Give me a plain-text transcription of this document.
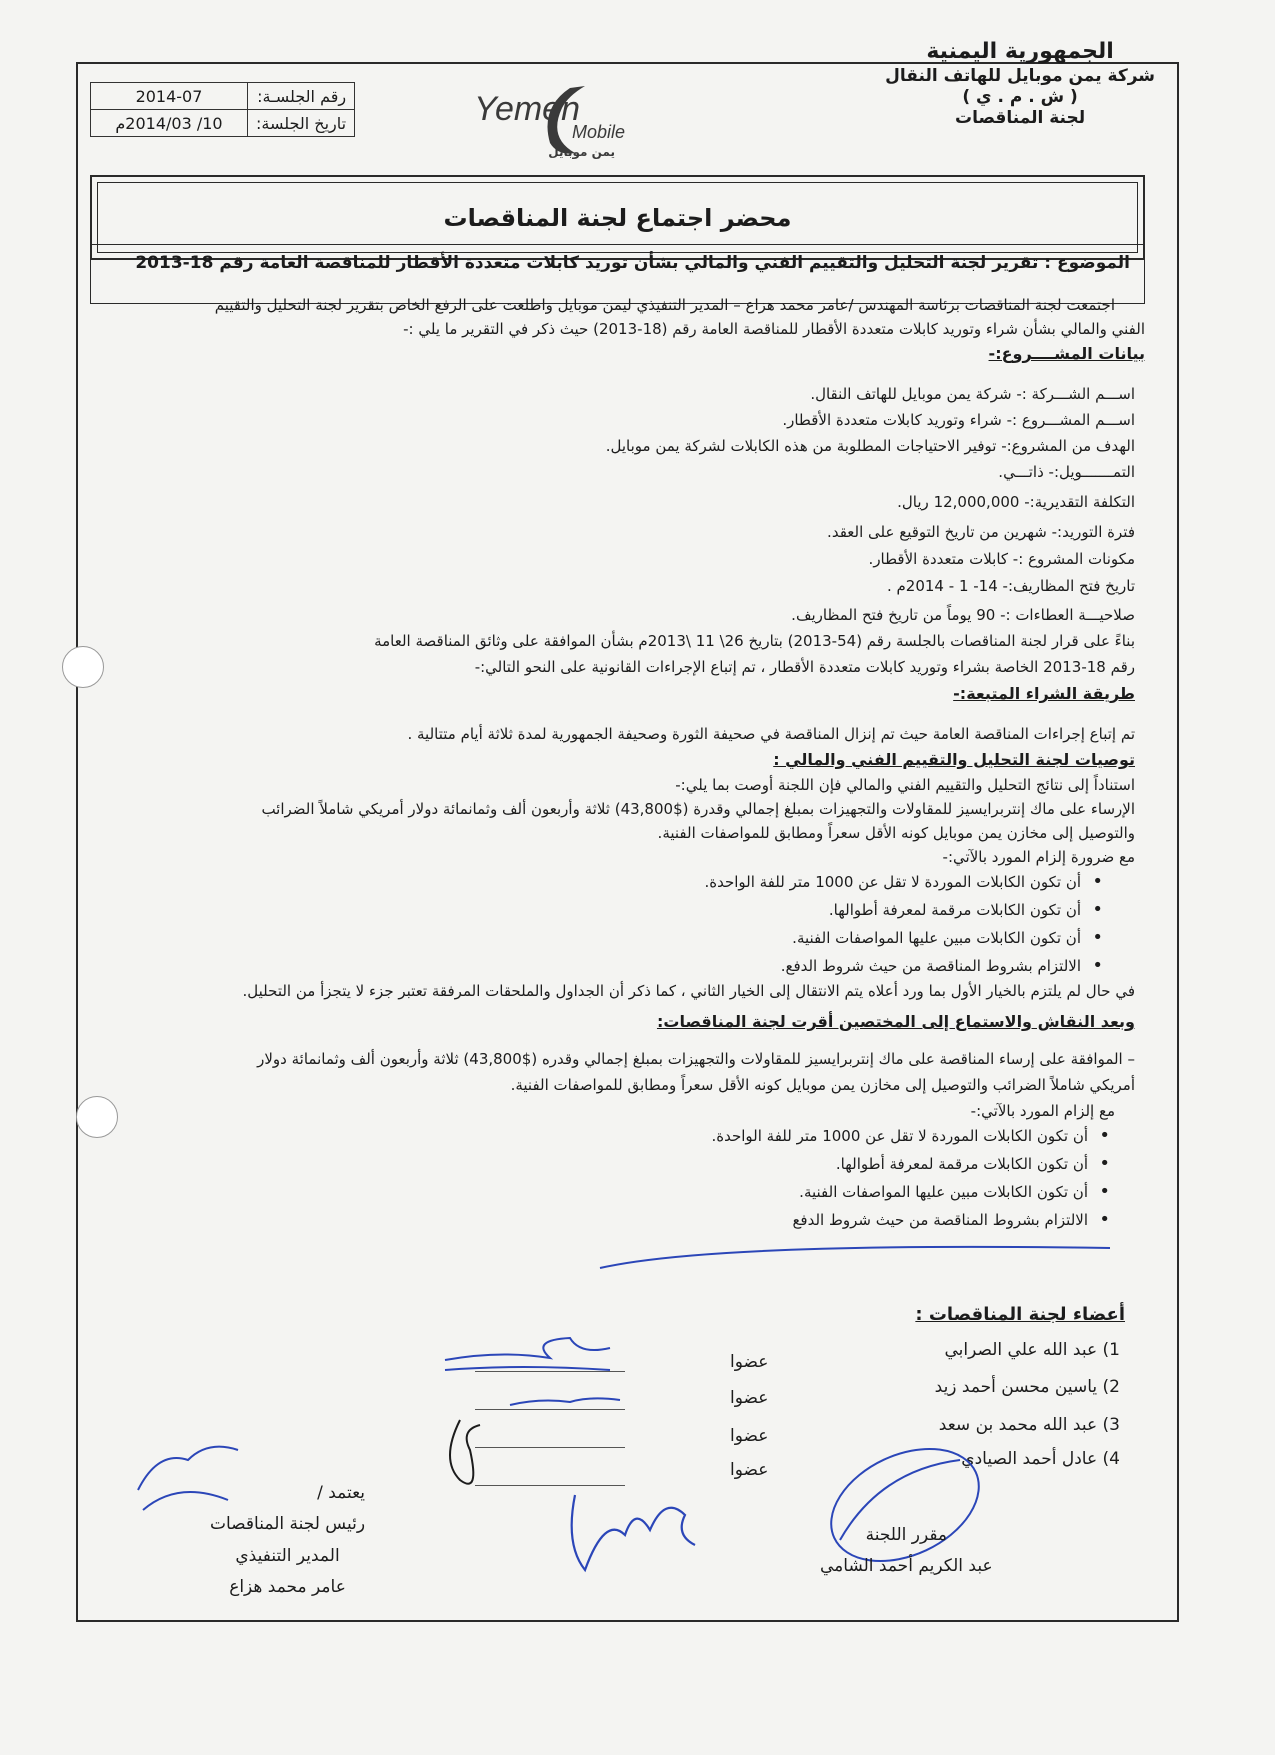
الجمهورية اليمنية
شركة يمن موبايل للهاتف النقال
( ش . م . ي )
لجنة المناقصات
Yemen
Mobile
يمن موبايل
رقم الجلسـة:	2014-07
تاريخ الجلسة:	10/ 2014/03م
محضر اجتماع لجنة المناقصات
الموضوع : تقرير لجنة التحليل والتقييم الفني والمالي بشأن توريد كابلات متعددة الأقطار للمناقصة العامة رقم 18-2013
اجتمعت لجنة المناقصات برئاسة المهندس /عامر محمد هزاع – المدير التنفيذي ليمن موبايل واطلعت على الرفع الخاص بتقرير لجنة التحليل والتقييم
الفني والمالي بشأن شراء وتوريد كابلات متعددة الأقطار للمناقصة العامة رقم (18-2013) حيث ذكر في التقرير ما يلي :-
بيانات المشــــروع:-
اســـم الشـــركة :- شركة يمن موبايل للهاتف النقال.
اســـم المشـــروع :- شراء وتوريد كابلات متعددة الأقطار.
الهدف من المشروع:- توفير الاحتياجات المطلوبة من هذه الكابلات لشركة يمن موبايل.
التمـــــــويل:- ذاتـــي.
التكلفة التقديرية:- 12,000,000 ريال.
فترة التوريد:- شهرين من تاريخ التوقيع على العقد.
مكونات المشروع :- كابلات متعددة الأقطار.
تاريخ فتح المظاريف:- 14- 1 - 2014م .
صلاحيـــة العطاءات :- 90 يوماً من تاريخ فتح المظاريف.
بناءً على قرار لجنة المناقصات بالجلسة رقم (54-2013) بتاريخ 26\ 11 \2013م بشأن الموافقة على وثائق المناقصة العامة
رقم 18-2013 الخاصة بشراء وتوريد كابلات متعددة الأقطار ، تم إتباع الإجراءات القانونية على النحو التالي:-
طريقة الشراء المتبعة:-
تم إتباع إجراءات المناقصة العامة حيث تم إنزال المناقصة في صحيفة الثورة وصحيفة الجمهورية لمدة ثلاثة أيام متتالية .
توصيات لجنة التحليل والتقييم الفني والمالي :
استناداً إلى نتائج التحليل والتقييم الفني والمالي فإن اللجنة أوصت بما يلي:-
الإرساء على ماك إنتربرايسيز للمقاولات والتجهيزات بمبلغ إجمالي وقدرة ($43,800) ثلاثة وأربعون ألف وثمانمائة دولار أمريكي شاملاً الضرائب
والتوصيل إلى مخازن يمن موبايل كونه الأقل سعراً ومطابق للمواصفات الفنية.
مع ضرورة إلزام المورد بالآتي:-
• أن تكون الكابلات الموردة لا تقل عن 1000 متر للفة الواحدة.
• أن تكون الكابلات مرقمة لمعرفة أطوالها.
• أن تكون الكابلات مبين عليها المواصفات الفنية.
• الالتزام بشروط المناقصة من حيث شروط الدفع.
في حال لم يلتزم بالخيار الأول بما ورد أعلاه يتم الانتقال إلى الخيار الثاني ، كما ذكر أن الجداول والملحقات المرفقة تعتبر جزء لا يتجزأ من التحليل.
وبعد النقاش والاستماع إلى المختصين أقرت لجنة المناقصات:
– الموافقة على إرساء المناقصة على ماك إنتربرايسيز للمقاولات والتجهيزات بمبلغ إجمالي وقدره ($43,800) ثلاثة وأربعون ألف وثمانمائة دولار
أمريكي شاملاً الضرائب والتوصيل إلى مخازن يمن موبايل كونه الأقل سعراً ومطابق للمواصفات الفنية.
مع إلزام المورد بالآتي:-
• أن تكون الكابلات الموردة لا تقل عن 1000 متر للفة الواحدة.
• أن تكون الكابلات مرقمة لمعرفة أطوالها.
• أن تكون الكابلات مبين عليها المواصفات الفنية.
• الالتزام بشروط المناقصة من حيث شروط الدفع
أعضاء لجنة المناقصات :
1) عبد الله علي الصرابي
عضوا
2) ياسين محسن أحمد زيد
عضوا
3) عبد الله محمد بن سعد
عضوا
4) عادل أحمد الصيادي
عضوا
مقرر اللجنة
عبد الكريم أحمد الشامي
يعتمد /
رئيس لجنة المناقصات
المدير التنفيذي
عامر محمد هزاع
